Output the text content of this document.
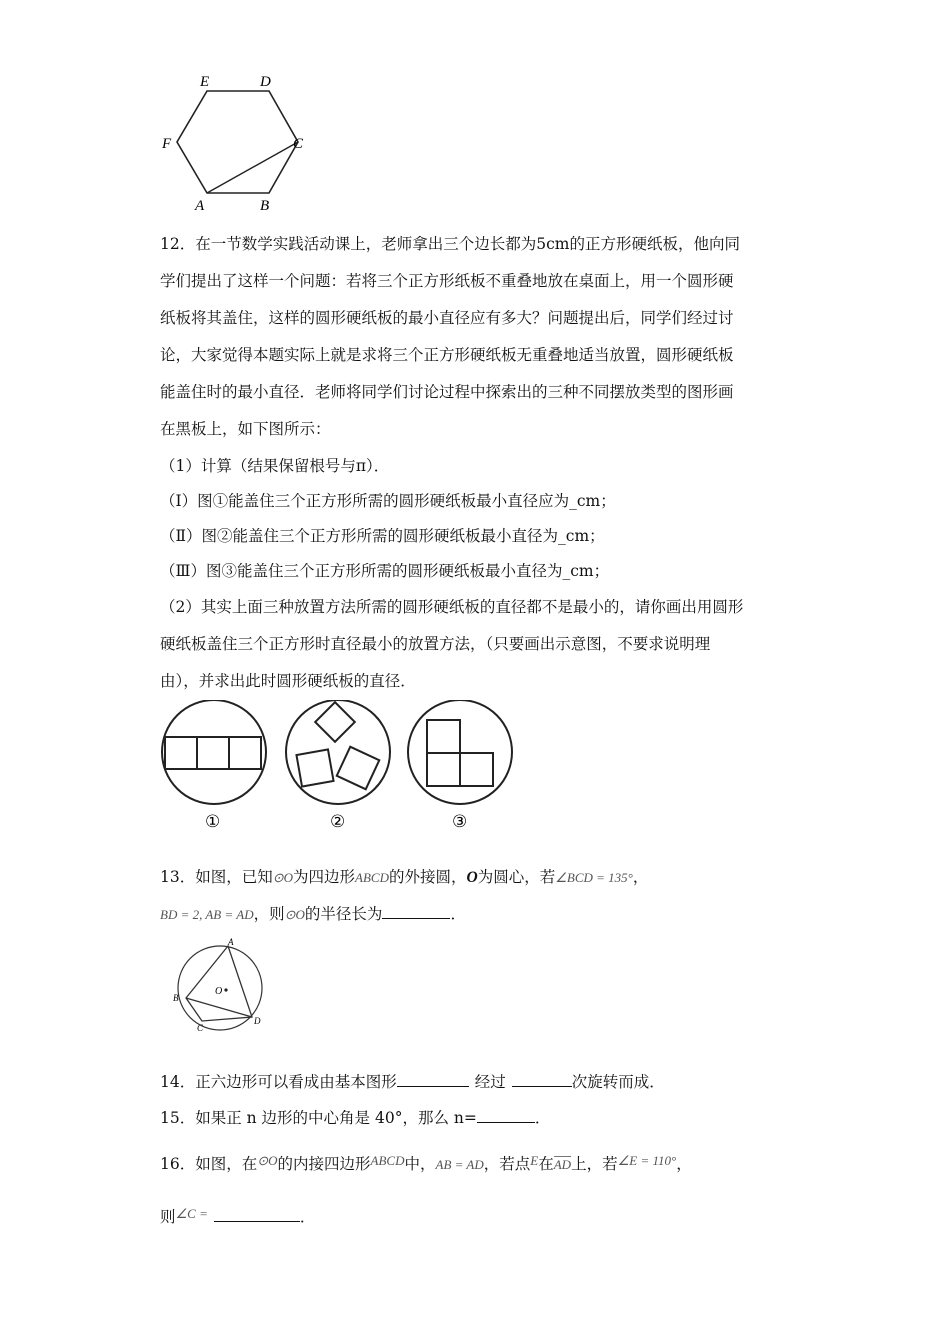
E	D
F	C
A	B
12．在一节数学实践活动课上，老师拿出三个边长都为5cm的正方形硬纸板，他向同
学们提出了这样一个问题：若将三个正方形纸板不重叠地放在桌面上，用一个圆形硬
纸板将其盖住，这样的圆形硬纸板的最小直径应有多大？问题提出后，同学们经过讨
论，大家觉得本题实际上就是求将三个正方形硬纸板无重叠地适当放置，圆形硬纸板
能盖住时的最小直径．老师将同学们讨论过程中探索出的三种不同摆放类型的图形画
在黑板上，如下图所示：
（1）计算（结果保留根号与π）．
（Ⅰ）图①能盖住三个正方形所需的圆形硬纸板最小直径应为_cm；
（Ⅱ）图②能盖住三个正方形所需的圆形硬纸板最小直径为_cm；
（Ⅲ）图③能盖住三个正方形所需的圆形硬纸板最小直径为_cm；
（2）其实上面三种放置方法所需的圆形硬纸板的直径都不是最小的，请你画出用圆形
硬纸板盖住三个正方形时直径最小的放置方法，（只要画出示意图，不要求说明理
由），并求出此时圆形硬纸板的直径．
①	②	③
13．如图，已知⊙O为四边形ABCD的外接圆，O为圆心，若∠BCD = 135°，
BD = 2, AB = AD，则⊙O的半径长为	．
A
B
C
D
O
14．正六边形可以看成由基本图形	经过	次旋转而成．
15．如果正 n 边形的中心角是 40°，那么 n=	．
16．如图，在$^{⊙O}$的内接四边形$^{ABCD}$中，AB = AD，若点$^E$在AD上，若$^{\angle E = 110^\circ}$，
则$^{\angle C =}$	．
